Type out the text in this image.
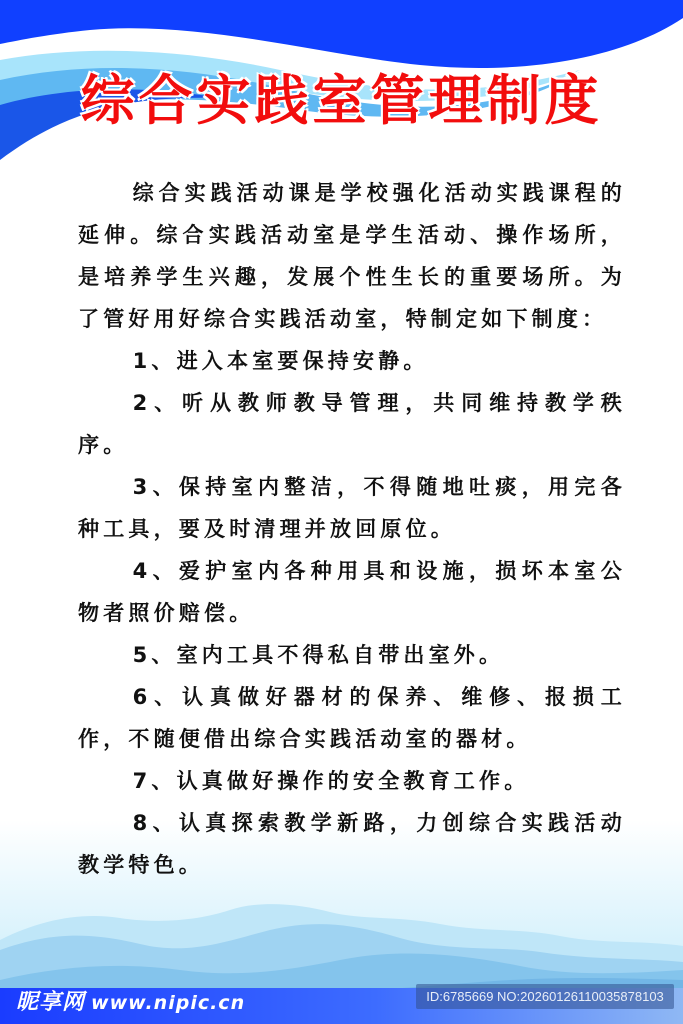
综合实践室管理制度

综合实践活动课是学校强化活动实践课程的延伸。综合实践活动室是学生活动、操作场所，是培养学生兴趣，发展个性生长的重要场所。为了管好用好综合实践活动室，特制定如下制度：

1、进入本室要保持安静。

2、听从教师教导管理，共同维持教学秩序。

3、保持室内整洁，不得随地吐痰，用完各种工具，要及时清理并放回原位。

4、爱护室内各种用具和设施，损坏本室公物者照价赔偿。

5、室内工具不得私自带出室外。

6、认真做好器材的保养、维修、报损工作，不随便借出综合实践活动室的器材。

7、认真做好操作的安全教育工作。

8、认真探索教学新路，力创综合实践活动教学特色。

昵享网 www.nipic.cn	ID:6785669 NO:20260126110035878103
